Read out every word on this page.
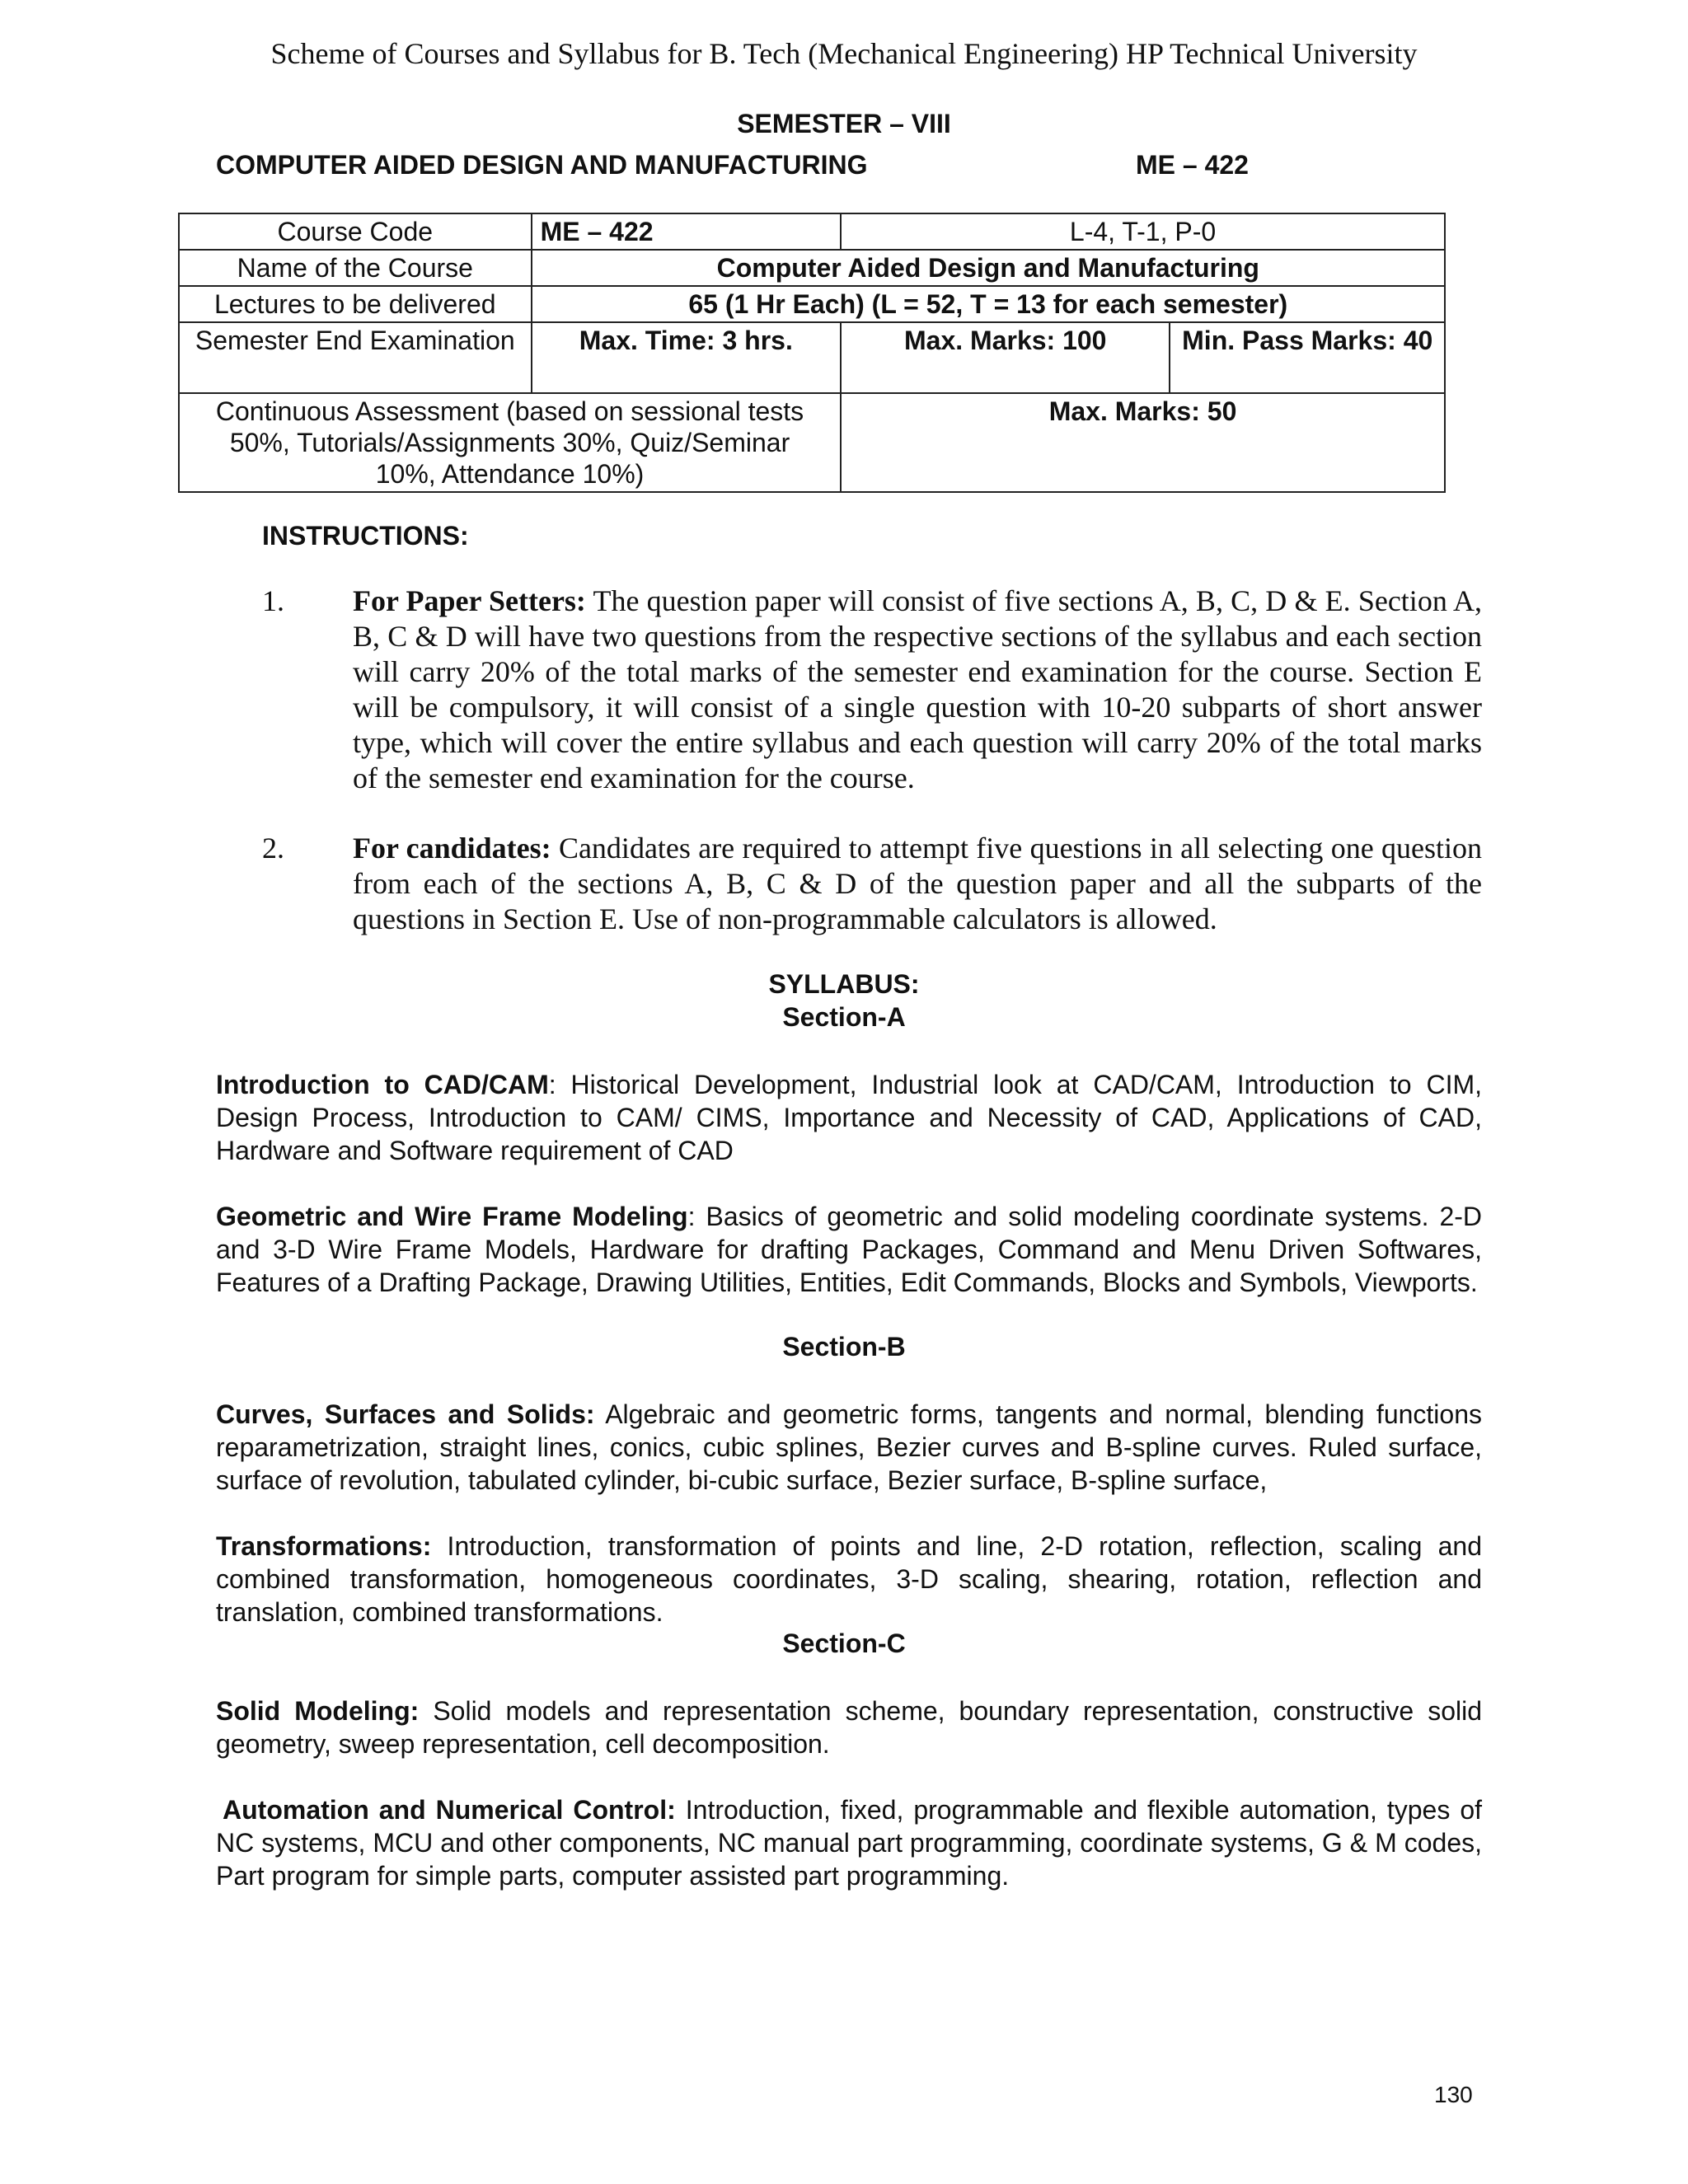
Scheme of Courses and Syllabus for B. Tech (Mechanical Engineering) HP Technical University
SEMESTER – VIII
COMPUTER AIDED DESIGN AND MANUFACTURING	ME – 422
Course Code	ME – 422	L-4, T-1, P-0	
Name of the Course	Computer Aided Design and Manufacturing		
Lectures to be delivered	65 (1 Hr Each) (L = 52, T = 13 for each semester)		
Semester End Examination	Max. Time: 3 hrs.	Max. Marks: 100	Min. Pass Marks: 40
Continuous Assessment (based on sessional tests 50%, Tutorials/Assignments 30%, Quiz/Seminar 10%, Attendance 10%)		Max. Marks: 50	
INSTRUCTIONS:
1. For Paper Setters: The question paper will consist of five sections A, B, C, D & E. Section A, B, C & D will have two questions from the respective sections of the syllabus and each section will carry 20% of the total marks of the semester end examination for the course. Section E will be compulsory, it will consist of a single question with 10-20 subparts of short answer type, which will cover the entire syllabus and each question will carry 20% of the total marks of the semester end examination for the course.
2. For candidates: Candidates are required to attempt five questions in all selecting one question from each of the sections A, B, C & D of the question paper and all the subparts of the questions in Section E. Use of non-programmable calculators is allowed.
SYLLABUS:
Section-A
Introduction to CAD/CAM: Historical Development, Industrial look at CAD/CAM, Introduction to CIM, Design Process, Introduction to CAM/ CIMS, Importance and Necessity of CAD, Applications of CAD, Hardware and Software requirement of CAD
Geometric and Wire Frame Modeling: Basics of geometric and solid modeling coordinate systems. 2-D and 3-D Wire Frame Models, Hardware for drafting Packages, Command and Menu Driven Softwares, Features of a Drafting Package, Drawing Utilities, Entities, Edit Commands, Blocks and Symbols, Viewports.
Section-B
Curves, Surfaces and Solids: Algebraic and geometric forms, tangents and normal, blending functions reparametrization, straight lines, conics, cubic splines, Bezier curves and B-spline curves. Ruled surface, surface of revolution, tabulated cylinder, bi-cubic surface, Bezier surface, B-spline surface,
Transformations: Introduction, transformation of points and line, 2-D rotation, reflection, scaling and combined transformation, homogeneous coordinates, 3-D scaling, shearing, rotation, reflection and translation, combined transformations.
Section-C
Solid Modeling: Solid models and representation scheme, boundary representation, constructive solid geometry, sweep representation, cell decomposition.
Automation and Numerical Control: Introduction, fixed, programmable and flexible automation, types of NC systems, MCU and other components, NC manual part programming, coordinate systems, G & M codes, Part program for simple parts, computer assisted part programming.
130
